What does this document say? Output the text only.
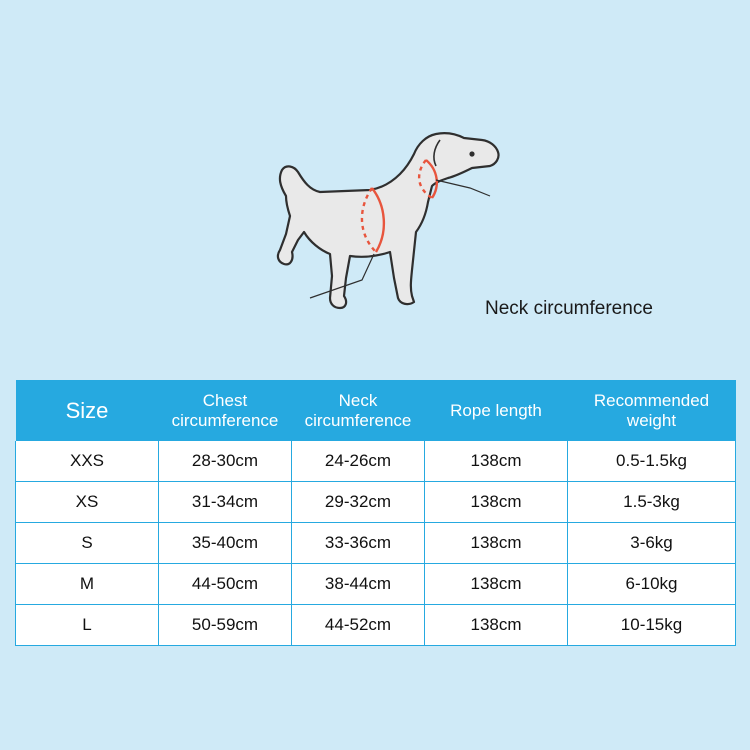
Neck circumference
Size	Chest circumference	Neck circumference	Rope length	Recommended weight
XXS	28-30cm	24-26cm	138cm	0.5-1.5kg
XS	31-34cm	29-32cm	138cm	1.5-3kg
S	35-40cm	33-36cm	138cm	3-6kg
M	44-50cm	38-44cm	138cm	6-10kg
L	50-59cm	44-52cm	138cm	10-15kg
